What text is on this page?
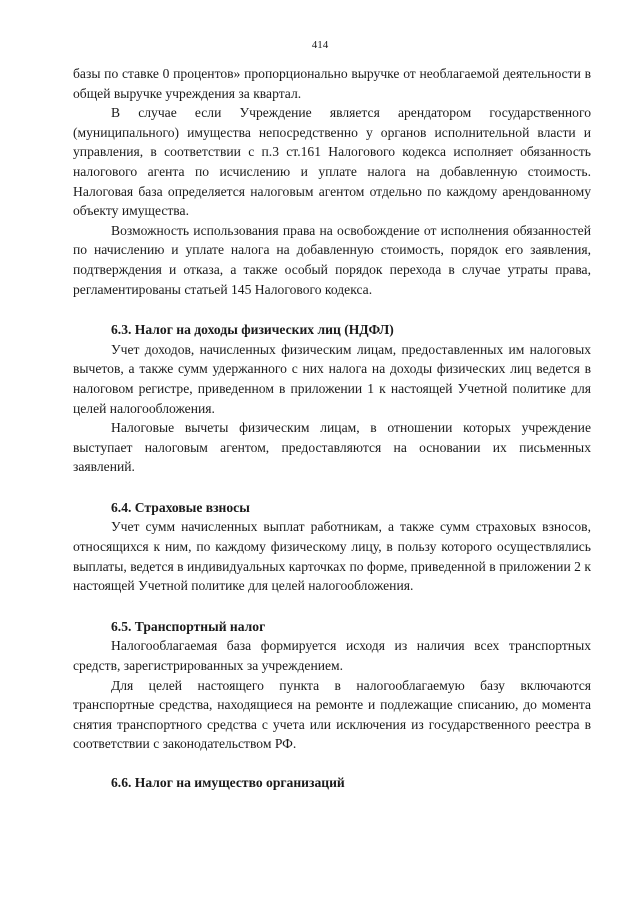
414

базы по ставке 0 процентов» пропорционально выручке от необлагаемой деятельности в общей выручке учреждения за квартал.

В случае если Учреждение является арендатором государственного (муниципального) имущества непосредственно у органов исполнительной власти и управления, в соответствии с п.3 ст.161 Налогового кодекса исполняет обязанность налогового агента по исчислению и уплате налога на добавленную стоимость. Налоговая база определяется налоговым агентом отдельно по каждому арендованному объекту имущества.

Возможность использования права на освобождение от исполнения обязанностей по начислению и уплате налога на добавленную стоимость, порядок его заявления, подтверждения и отказа, а также особый порядок перехода в случае утраты права, регламентированы статьей 145 Налогового кодекса.

6.3. Налог на доходы физических лиц (НДФЛ)

Учет доходов, начисленных физическим лицам, предоставленных им налоговых вычетов, а также сумм удержанного с них налога на доходы физических лиц ведется в налоговом регистре, приведенном в приложении 1 к настоящей Учетной политике для целей налогообложения.

Налоговые вычеты физическим лицам, в отношении которых учреждение выступает налоговым агентом, предоставляются на основании их письменных заявлений.

6.4. Страховые взносы

Учет сумм начисленных выплат работникам, а также сумм страховых взносов, относящихся к ним, по каждому физическому лицу, в пользу которого осуществлялись выплаты, ведется в индивидуальных карточках по форме, приведенной в приложении 2 к настоящей Учетной политике для целей налогообложения.

6.5. Транспортный налог

Налогооблагаемая база формируется исходя из наличия всех транспортных средств, зарегистрированных за учреждением.

Для целей настоящего пункта в налогооблагаемую базу включаются транспортные средства, находящиеся на ремонте и подлежащие списанию, до момента снятия транспортного средства с учета или исключения из государственного реестра в соответствии с законодательством РФ.

6.6. Налог на имущество организаций
